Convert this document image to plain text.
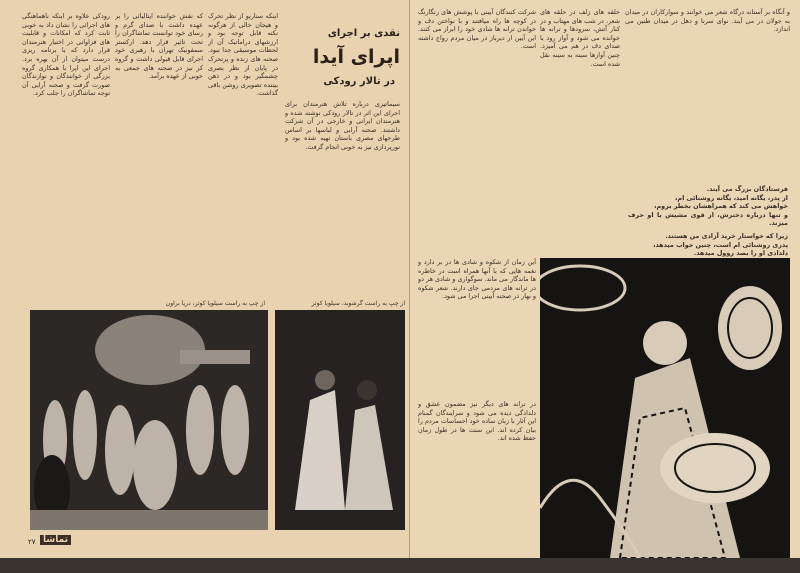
رودکی علاوه بر اینکه ناهماهنگی های اجرائی را نشان داد به خوبی ثابت کرد که امکانات و قابلیت های فراوانی در اختیار هنرمندان قرار دارد که با برنامه ریزی درست میتوان از آن بهره برد. اجرای این اپرا با همکاری گروه بزرگی از خوانندگان و نوازندگان صورت گرفت و صحنه آرایی آن توجه تماشاگران را جلب کرد.
که نقش خواننده ایتالیائی را بر عهده داشت با صدای گرم و رسای خود توانست تماشاگران را تحت تاثیر قرار دهد. ارکستر سمفونیک تهران با رهبری خود اجرای قابل قبولی داشت و گروه کر نیز در صحنه های جمعی به خوبی از عهده برآمد.
اینکه سناریو از نظر تحرک و هیجان خالی از هرگونه نکته قابل توجه بود و ارزشهای دراماتیک آن از لحظات موسیقی جدا نبود. صحنه های زنده و پرتحرک در پایان از نظر بصری چشمگیر بود و در ذهن بیننده تصویری روشن باقی گذاشت.
نقدی بر اجرای
اپرای آیدا
در تالار رودکی
سیماتیزی درباره تلاش هنرمندان برای اجرای این اثر در تالار رودکی نوشته شده و هنرمندان ایرانی و خارجی در آن شرکت داشتند. صحنه آرایی و لباسها بر اساس طرحهای مصری باستان تهیه شده بود و نورپردازی نیز به خوبی انجام گرفت.
از چپ به راست سیلویا کوثر، دریا براون	از چپ به راست گرشوید، سیلویا کوثر
۲۷ تماشا
شرکت کنندگان آیینی با پوشش های رنگارنگ در کوچه ها راه میافتند و با نواختن دف و خواندن ترانه ها شادی خود را ابراز می کنند. این آیین از دیرباز در میان مردم رواج داشته است.
حلقه های زلف در حلقه های شعر، در شب های مهتاب و در کنار آتش، سرودها و ترانه ها خوانده می شود و آواز رود با صدای دف در هم می آمیزد. چنین آوازها سینه به سینه نقل شده است.
و آنگاه بر آستانه درگاه شعر می خوانند و سوارکاران در میدان به جولان در می آیند. نوای سرنا و دهل در میدان طنین می اندازد.
فرستادگان بزرگ می آیند.
از پدر، یگانه امید، یگانه روشنائی ام،
خواهش می کند که همراهشان بخطر بروم،
و تنها درباره دخترش، از قوی مشیش با او حرف میزند.
زیرا که خواستار خرید آزادی من هستند.
پدری روشنائی ام است، چنین جواب میدهد،
دلدادی او را بصد روول میدهد.
آین زمان از شکوه و شادی ها در بر دارد و نغمه هایی که با آنها همراه است در خاطره ها ماندگار می ماند. سوگواری و شادی هر دو در ترانه های مردمی جای دارند. شعر شکوه و بهار در صحنه آیینی اجرا می شود.
در ترانه های دیگر نیز مضمون عشق و دلدادگی دیده می شود و سرایندگان گمنام این آثار با زبان ساده خود احساسات مردم را بیان کرده اند. این سنت ها در طول زمان حفظ شده اند.
